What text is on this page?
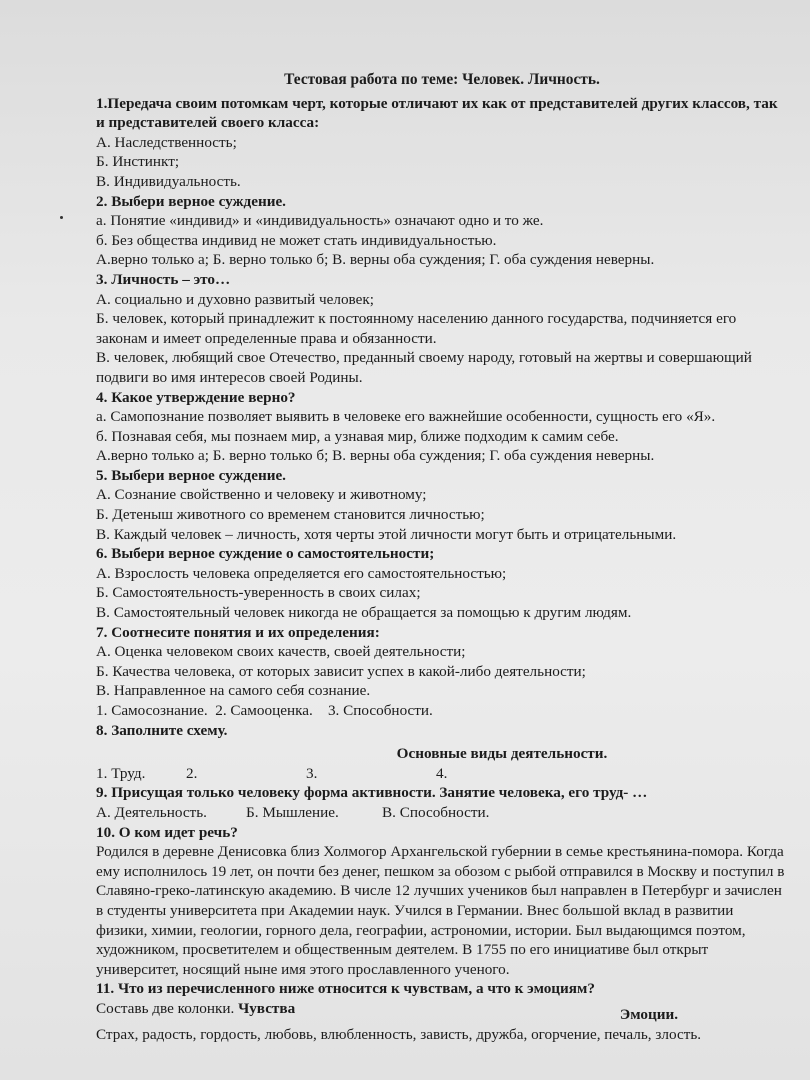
Тестовая работа по теме: Человек. Личность.
1.Передача своим потомкам черт, которые отличают их как от представителей других классов, так и представителей своего класса:
А. Наследственность;
Б. Инстинкт;
В. Индивидуальность.
2. Выбери верное суждение.
а. Понятие «индивид» и «индивидуальность» означают одно и то же.
б. Без общества индивид не может стать индивидуальностью.
А.верно только а; Б. верно только б; В. верны оба суждения; Г. оба суждения неверны.
3. Личность – это…
А. социально и духовно развитый человек;
Б. человек, который принадлежит к постоянному населению данного государства, подчиняется его законам и имеет определенные права и обязанности.
В. человек, любящий свое Отечество, преданный своему народу, готовый на жертвы и совершающий подвиги во имя интересов своей Родины.
4. Какое утверждение верно?
а. Самопознание позволяет выявить в человеке его важнейшие особенности, сущность его «Я».
б. Познавая себя, мы познаем мир, а узнавая мир, ближе подходим к самим себе.
А.верно только а; Б. верно только б; В. верны оба суждения; Г. оба суждения неверны.
5. Выбери верное суждение.
А. Сознание свойственно и человеку и животному;
Б. Детеныш животного со временем становится личностью;
В. Каждый человек – личность, хотя черты этой личности могут быть и отрицательными.
6. Выбери верное суждение о самостоятельности;
А. Взрослость человека определяется его самостоятельностью;
Б. Самостоятельность-уверенность в своих силах;
В. Самостоятельный человек никогда не обращается за помощью к другим людям.
7. Соотнесите понятия и их определения:
А. Оценка человеком своих качеств, своей деятельности;
Б. Качества человека, от которых зависит успех в какой-либо деятельности;
В. Направленное на самого себя сознание.
1. Самосознание.  2. Самооценка.    3. Способности.
8. Заполните схему.
Основные виды деятельности.
1. Труд.	2.	3.	4.
9. Присущая только человеку форма активности. Занятие человека, его труд- …
А. Деятельность.	Б. Мышление.	В. Способности.
10. О ком идет речь?
Родился в деревне Денисовка близ Холмогор Архангельской губернии в семье крестьянина-помора. Когда ему исполнилось 19 лет, он почти без денег, пешком за обозом с рыбой отправился в Москву и поступил в Славяно-греко-латинскую академию. В числе 12 лучших учеников был направлен в Петербург и зачислен в студенты университета при Академии наук. Учился в Германии. Внес большой вклад в развитии физики, химии, геологии, горного дела, географии, астрономии, истории. Был выдающимся поэтом, художником, просветителем и общественным деятелем. В 1755 по его инициативе был открыт университет, носящий ныне имя этого прославленного ученого.
11. Что из перечисленного ниже относится к чувствам, а что к эмоциям?
Составь две колонки. Чувства	Эмоции.
Страх, радость, гордость, любовь, влюбленность, зависть, дружба, огорчение, печаль, злость.
